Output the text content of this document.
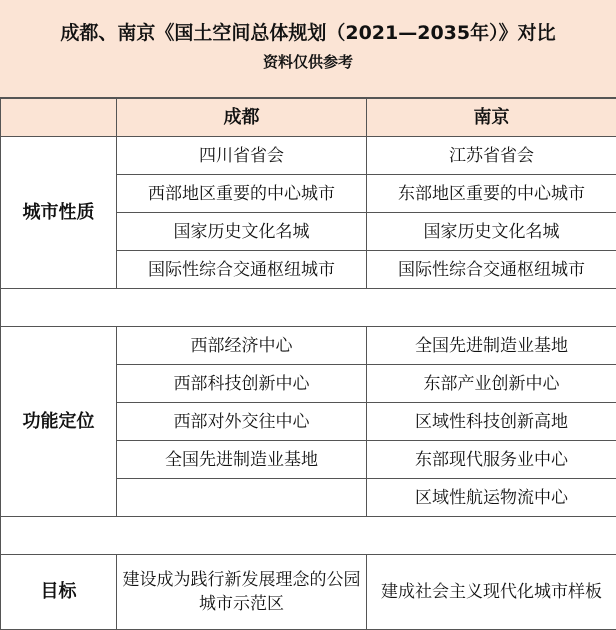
成都、南京《国土空间总体规划（2021—2035年）》对比
资料仅供参考
	成都	南京
城市性质	四川省省会	江苏省省会
	西部地区重要的中心城市	东部地区重要的中心城市
	国家历史文化名城	国家历史文化名城
	国际性综合交通枢纽城市	国际性综合交通枢纽城市

功能定位	西部经济中心	全国先进制造业基地
	西部科技创新中心	东部产业创新中心
	西部对外交往中心	区域性科技创新高地
	全国先进制造业基地	东部现代服务业中心
		区域性航运物流中心

目标	建设成为践行新发展理念的公园城市示范区	建成社会主义现代化城市样板
